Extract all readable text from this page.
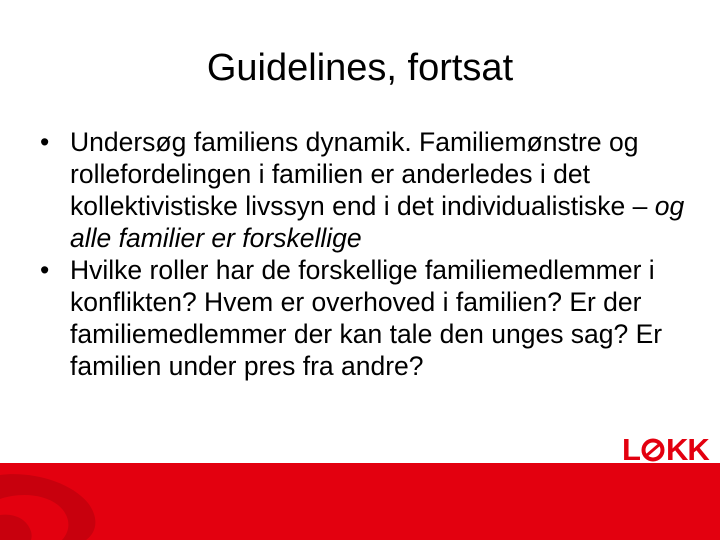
Guidelines, fortsat
• Undersøg familiens dynamik. Familiemønstre og rollefordelingen i familien er anderledes i det kollektivistiske livssyn end i det individualistiske – og alle familier er forskellige
• Hvilke roller har de forskellige familiemedlemmer i konflikten? Hvem er overhoved i familien? Er der familiemedlemmer der kan tale den unges sag? Er familien under pres fra andre?
L KK
